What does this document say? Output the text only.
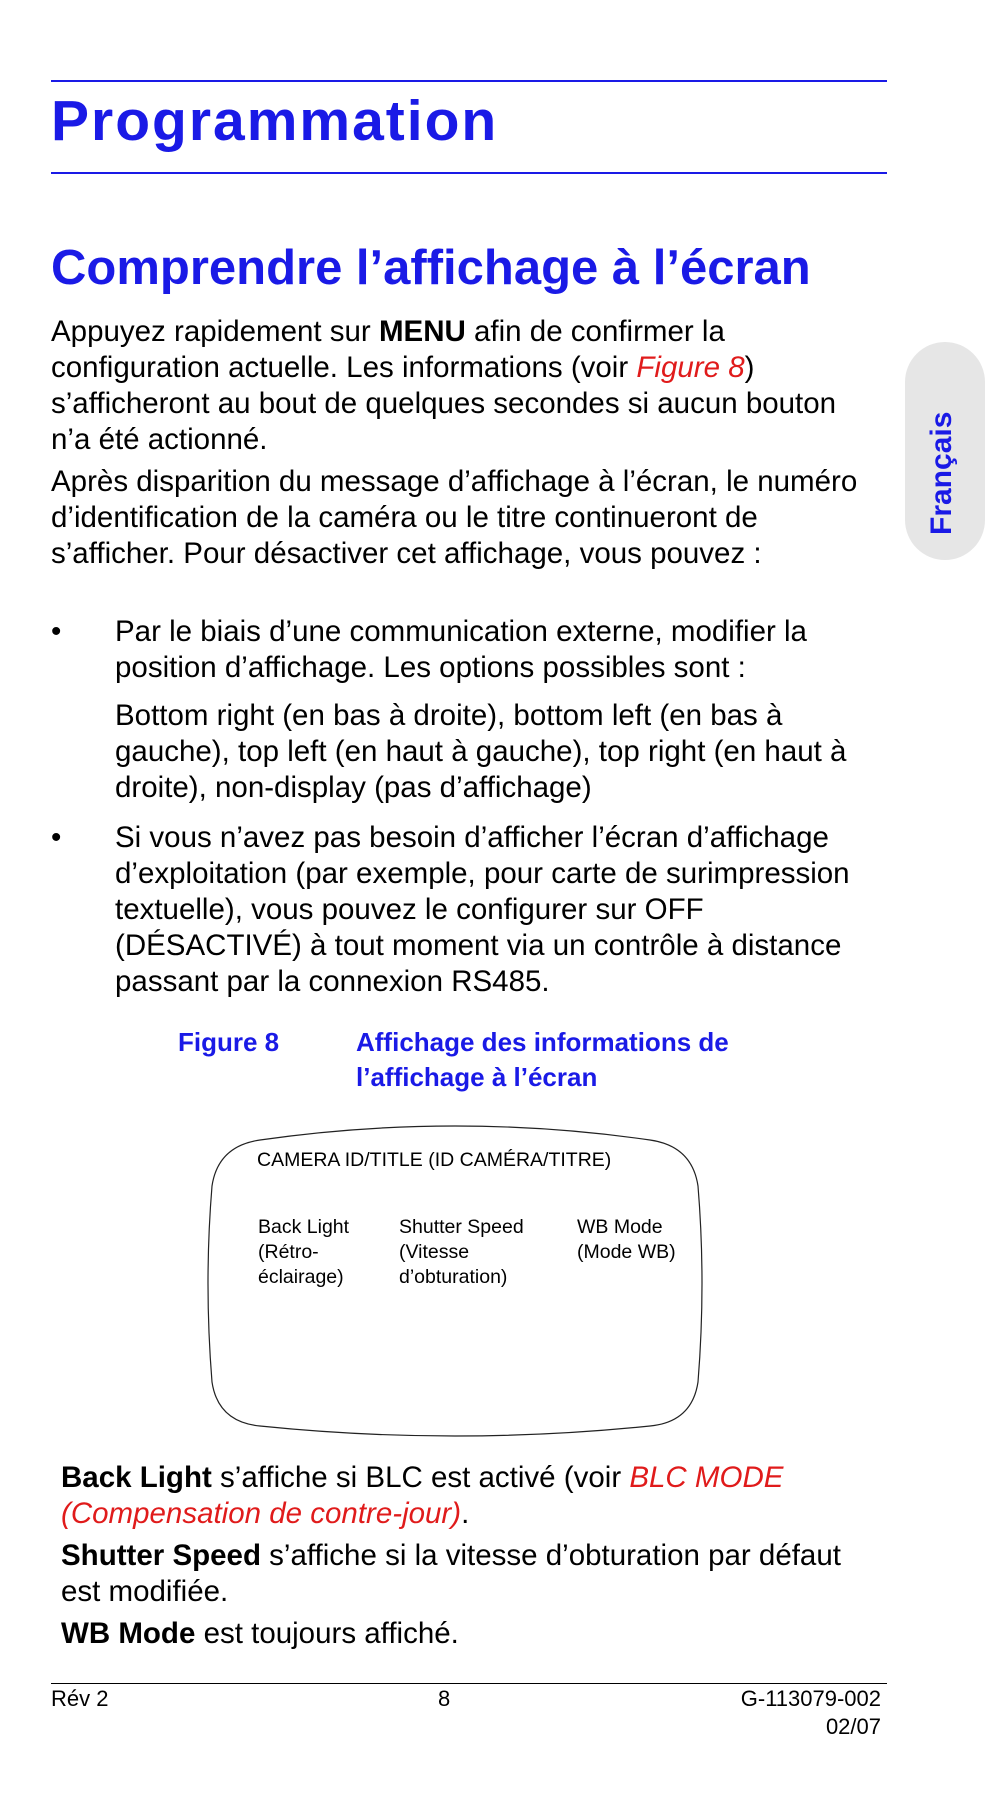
Programmation
Comprendre l’affichage à l’écran

Appuyez rapidement sur MENU afin de confirmer la configuration actuelle. Les informations (voir Figure 8) s’afficheront au bout de quelques secondes si aucun bouton n’a été actionné.

Après disparition du message d’affichage à l’écran, le numéro d’identification de la caméra ou le titre continueront de s’afficher. Pour désactiver cet affichage, vous pouvez :

• Par le biais d’une communication externe, modifier la position d’affichage. Les options possibles sont :

Bottom right (en bas à droite), bottom left (en bas à gauche), top left (en haut à gauche), top right (en haut à droite), non-display (pas d’affichage)

• Si vous n’avez pas besoin d’afficher l’écran d’affichage d’exploitation (par exemple, pour carte de surimpression textuelle), vous pouvez le configurer sur OFF (DÉSACTIVÉ) à tout moment via un contrôle à distance passant par la connexion RS485.

Figure 8	Affichage des informations de l’affichage à l’écran
CAMERA ID/TITLE (ID CAMÉRA/TITRE)
Back Light
(Rétro-
éclairage)
Shutter Speed
(Vitesse
d’obturation)
WB Mode
(Mode WB)

Back Light s’affiche si BLC est activé (voir BLC MODE (Compensation de contre-jour).

Shutter Speed s’affiche si la vitesse d’obturation par défaut est modifiée.

WB Mode est toujours affiché.

Rév 2	8	G-113079-002
02/07
Français
